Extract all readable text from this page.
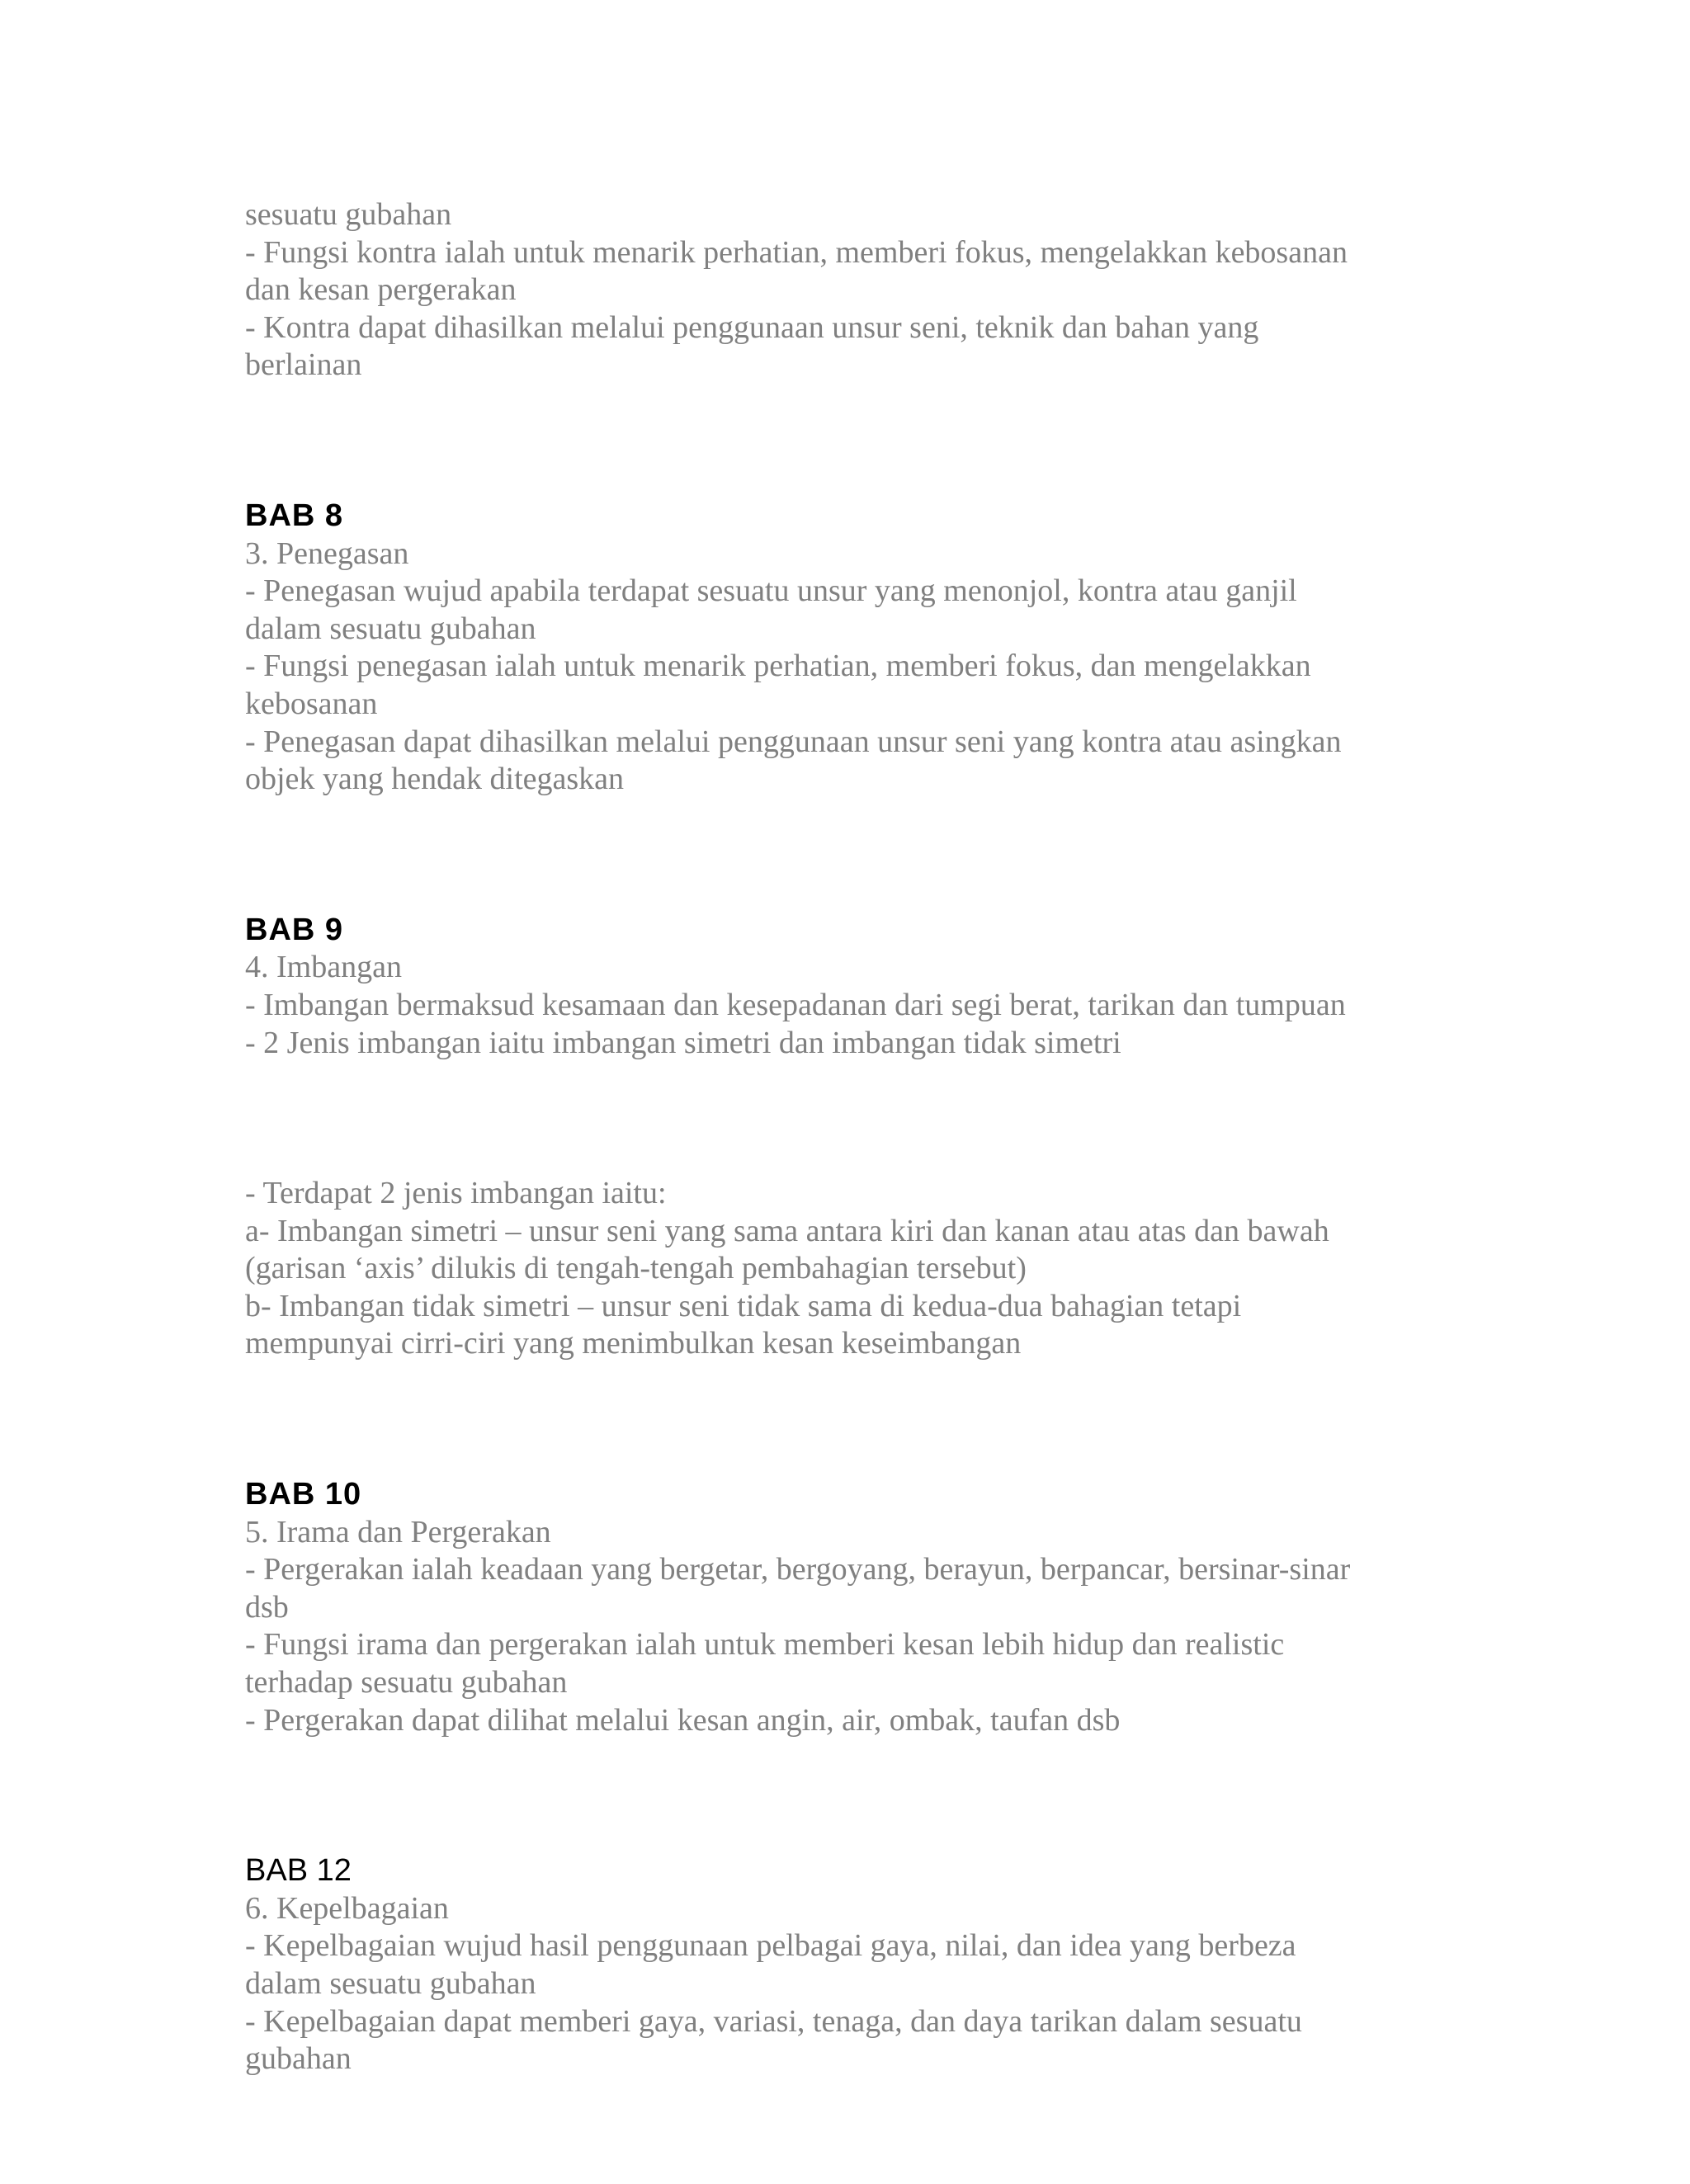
sesuatu gubahan
- Fungsi kontra ialah untuk menarik perhatian, memberi fokus, mengelakkan kebosanan
dan kesan pergerakan
- Kontra dapat dihasilkan melalui penggunaan unsur seni, teknik dan bahan yang
berlainan
BAB 8
3. Penegasan
- Penegasan wujud apabila terdapat sesuatu unsur yang menonjol, kontra atau ganjil
dalam sesuatu gubahan
- Fungsi penegasan ialah untuk menarik perhatian, memberi fokus, dan mengelakkan
kebosanan
- Penegasan dapat dihasilkan melalui penggunaan unsur seni yang kontra atau asingkan
objek yang hendak ditegaskan
BAB 9
4. Imbangan
- Imbangan bermaksud kesamaan dan kesepadanan dari segi berat, tarikan dan tumpuan
- 2 Jenis imbangan iaitu imbangan simetri dan imbangan tidak simetri
- Terdapat 2 jenis imbangan iaitu:
a- Imbangan simetri – unsur seni yang sama antara kiri dan kanan atau atas dan bawah
(garisan ‘axis’ dilukis di tengah-tengah pembahagian tersebut)
b- Imbangan tidak simetri – unsur seni tidak sama di kedua-dua bahagian tetapi
mempunyai cirri-ciri yang menimbulkan kesan keseimbangan
BAB 10
5. Irama dan Pergerakan
- Pergerakan ialah keadaan yang bergetar, bergoyang, berayun, berpancar, bersinar-sinar
dsb
- Fungsi irama dan pergerakan ialah untuk memberi kesan lebih hidup dan realistic
terhadap sesuatu gubahan
- Pergerakan dapat dilihat melalui kesan angin, air, ombak, taufan dsb
BAB 12
6. Kepelbagaian
- Kepelbagaian wujud hasil penggunaan pelbagai gaya, nilai, dan idea yang berbeza
dalam sesuatu gubahan
- Kepelbagaian dapat memberi gaya, variasi, tenaga, dan daya tarikan dalam sesuatu
gubahan
